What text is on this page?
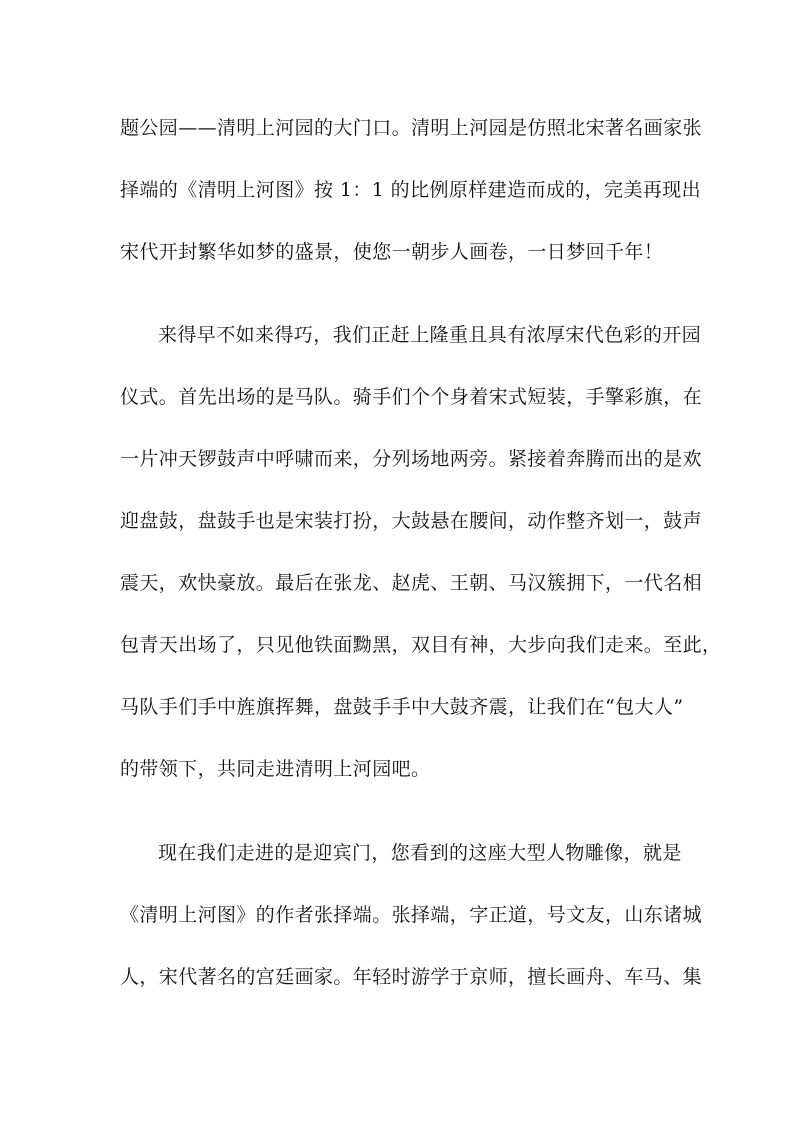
题公园——清明上河园的大门口。清明上河园是仿照北宋著名画家张
择端的《清明上河图》按 1：1 的比例原样建造而成的，完美再现出
宋代开封繁华如梦的盛景，使您一朝步人画卷，一日梦回千年！
来得早不如来得巧，我们正赶上隆重且具有浓厚宋代色彩的开园
仪式。首先出场的是马队。骑手们个个身着宋式短装，手擎彩旗，在
一片冲天锣鼓声中呼啸而来，分列场地两旁。紧接着奔腾而出的是欢
迎盘鼓，盘鼓手也是宋装打扮，大鼓悬在腰间，动作整齐划一，鼓声
震天，欢快豪放。最后在张龙、赵虎、王朝、马汉簇拥下，一代名相
包青天出场了，只见他铁面黝黑，双目有神，大步向我们走来。至此，
马队手们手中旌旗挥舞，盘鼓手手中大鼓齐震，让我们在“包大人”
的带领下，共同走进清明上河园吧。
现在我们走进的是迎宾门，您看到的这座大型人物雕像，就是
《清明上河图》的作者张择端。张择端，字正道，号文友，山东诸城
人，宋代著名的宫廷画家。年轻时游学于京师，擅长画舟、车马、集
